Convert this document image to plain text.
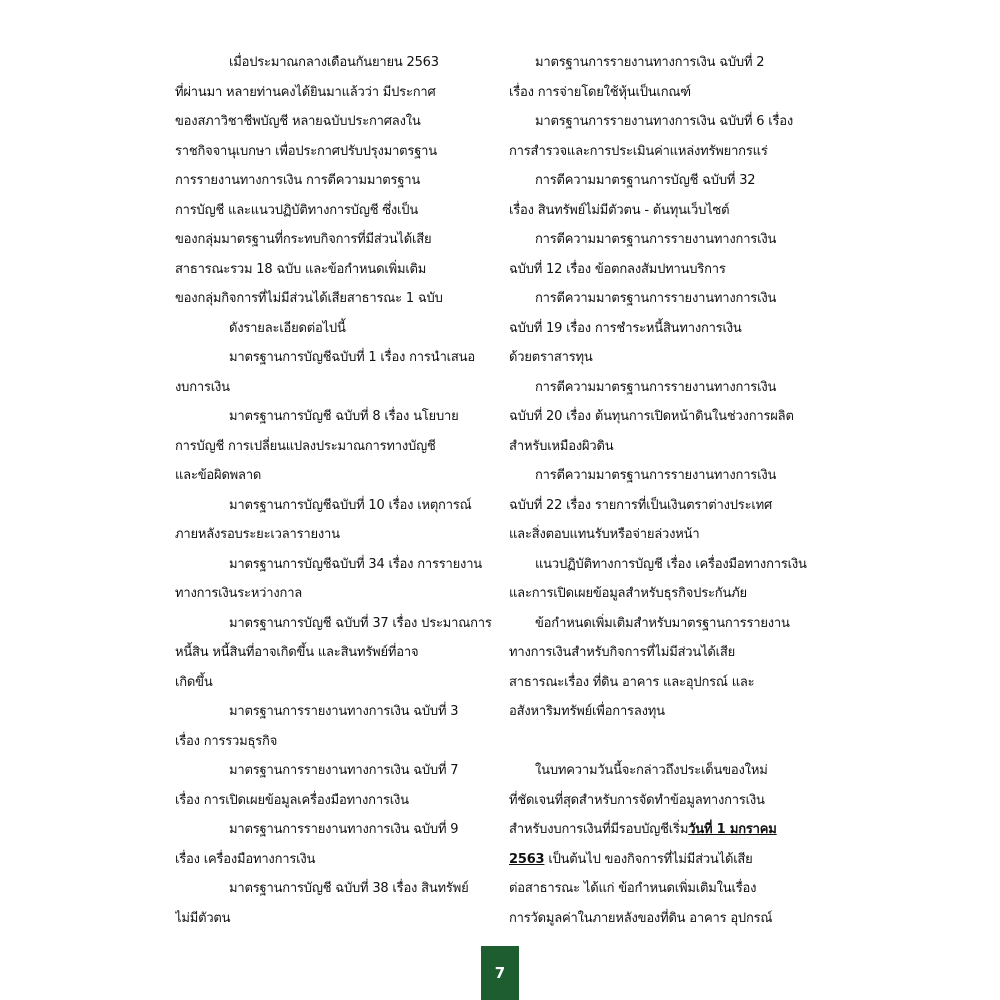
เมื่อประมาณกลางเดือนกันยายน 2563
ที่ผ่านมา หลายท่านคงได้ยินมาแล้วว่า มีประกาศ
ของสภาวิชาชีพบัญชี หลายฉบับประกาศลงใน
ราชกิจจานุเบกษา เพื่อประกาศปรับปรุงมาตรฐาน
การรายงานทางการเงิน การตีความมาตรฐาน
การบัญชี และแนวปฏิบัติทางการบัญชี ซึ่งเป็น
ของกลุ่มมาตรฐานที่กระทบกิจการที่มีส่วนได้เสีย
สาธารณะรวม 18 ฉบับ และข้อกำหนดเพิ่มเติม
ของกลุ่มกิจการที่ไม่มีส่วนได้เสียสาธารณะ 1 ฉบับ
ดังรายละเอียดต่อไปนี้
มาตรฐานการบัญชีฉบับที่ 1 เรื่อง การนำเสนอ
งบการเงิน
มาตรฐานการบัญชี ฉบับที่ 8 เรื่อง นโยบาย
การบัญชี การเปลี่ยนแปลงประมาณการทางบัญชี
และข้อผิดพลาด
มาตรฐานการบัญชีฉบับที่ 10 เรื่อง เหตุการณ์
ภายหลังรอบระยะเวลารายงาน
มาตรฐานการบัญชีฉบับที่ 34 เรื่อง การรายงาน
ทางการเงินระหว่างกาล
มาตรฐานการบัญชี ฉบับที่ 37 เรื่อง ประมาณการ
หนี้สิน หนี้สินที่อาจเกิดขึ้น และสินทรัพย์ที่อาจ
เกิดขึ้น
มาตรฐานการรายงานทางการเงิน ฉบับที่ 3
เรื่อง การรวมธุรกิจ
มาตรฐานการรายงานทางการเงิน ฉบับที่ 7
เรื่อง การเปิดเผยข้อมูลเครื่องมือทางการเงิน
มาตรฐานการรายงานทางการเงิน ฉบับที่ 9
เรื่อง เครื่องมือทางการเงิน
มาตรฐานการบัญชี ฉบับที่ 38 เรื่อง สินทรัพย์
ไม่มีตัวตน
มาตรฐานการรายงานทางการเงิน ฉบับที่ 2
เรื่อง การจ่ายโดยใช้หุ้นเป็นเกณฑ์
มาตรฐานการรายงานทางการเงิน ฉบับที่ 6 เรื่อง
การสำรวจและการประเมินค่าแหล่งทรัพยากรแร่
การตีความมาตรฐานการบัญชี ฉบับที่ 32
เรื่อง สินทรัพย์ไม่มีตัวตน - ต้นทุนเว็บไซต์
การตีความมาตรฐานการรายงานทางการเงิน
ฉบับที่ 12 เรื่อง ข้อตกลงสัมปทานบริการ
การตีความมาตรฐานการรายงานทางการเงิน
ฉบับที่ 19 เรื่อง การชำระหนี้สินทางการเงิน
ด้วยตราสารทุน
การตีความมาตรฐานการรายงานทางการเงิน
ฉบับที่ 20 เรื่อง ต้นทุนการเปิดหน้าดินในช่วงการผลิต
สำหรับเหมืองผิวดิน
การตีความมาตรฐานการรายงานทางการเงิน
ฉบับที่ 22 เรื่อง รายการที่เป็นเงินตราต่างประเทศ
และสิ่งตอบแทนรับหรือจ่ายล่วงหน้า
แนวปฏิบัติทางการบัญชี เรื่อง เครื่องมือทางการเงิน
และการเปิดเผยข้อมูลสำหรับธุรกิจประกันภัย
ข้อกำหนดเพิ่มเติมสำหรับมาตรฐานการรายงาน
ทางการเงินสำหรับกิจการที่ไม่มีส่วนได้เสีย
สาธารณะเรื่อง ที่ดิน อาคาร และอุปกรณ์ และ
อสังหาริมทรัพย์เพื่อการลงทุน
ในบทความวันนี้จะกล่าวถึงประเด็นของใหม่
ที่ชัดเจนที่สุดสำหรับการจัดทำข้อมูลทางการเงิน
สำหรับงบการเงินที่มีรอบบัญชีเริ่มวันที่ 1 มกราคม
2563 เป็นต้นไป ของกิจการที่ไม่มีส่วนได้เสีย
ต่อสาธารณะ ได้แก่ ข้อกำหนดเพิ่มเติมในเรื่อง
การวัดมูลค่าในภายหลังของที่ดิน อาคาร อุปกรณ์
7
